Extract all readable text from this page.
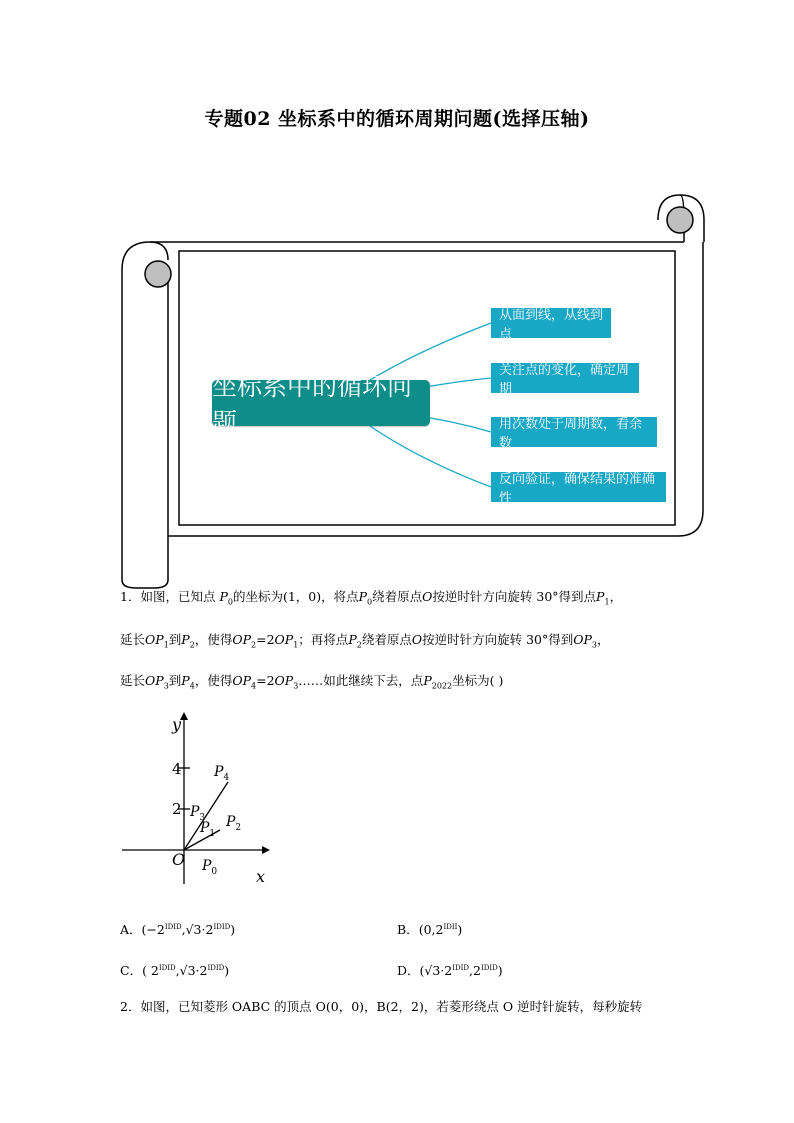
专题02 坐标系中的循环周期问题(选择压轴)
坐标系中的循环问题
从面到线，从线到点
关注点的变化，确定周期
用次数处于周期数，看余数
反向验证，确保结果的准确性
1．如图，已知点 $P_0$的坐标为(1，0)，将点$P_0$绕着原点O按逆时针方向旋转 30°得到点$P_1$，
延长$OP_1$到$P_2$，使得$OP_2=2OP_1$；再将点$P_2$绕着原点O按逆时针方向旋转 30°得到$OP_3$，
延长$OP_3$到$P_4$，使得$OP_4=2OP_3\dots\dots$如此继续下去，点$P_{2022}$坐标为( )
y
x
O
4
2
$P_0$
$P_1$
$P_2$
$P_3$
$P_4$
A．$(-2^{IDID},√3\cdot 2^{IDID})$	B．$(0,2^{IDII})$
C．( $2^{IDID},√3\cdot 2^{IDID}$)	D．$(√3\cdot 2^{IDID},2^{IDID})$
2．如图，已知菱形 OABC 的顶点 O(0，0)，B(2，2)，若菱形绕点 O 逆时针旋转，每秒旋转
